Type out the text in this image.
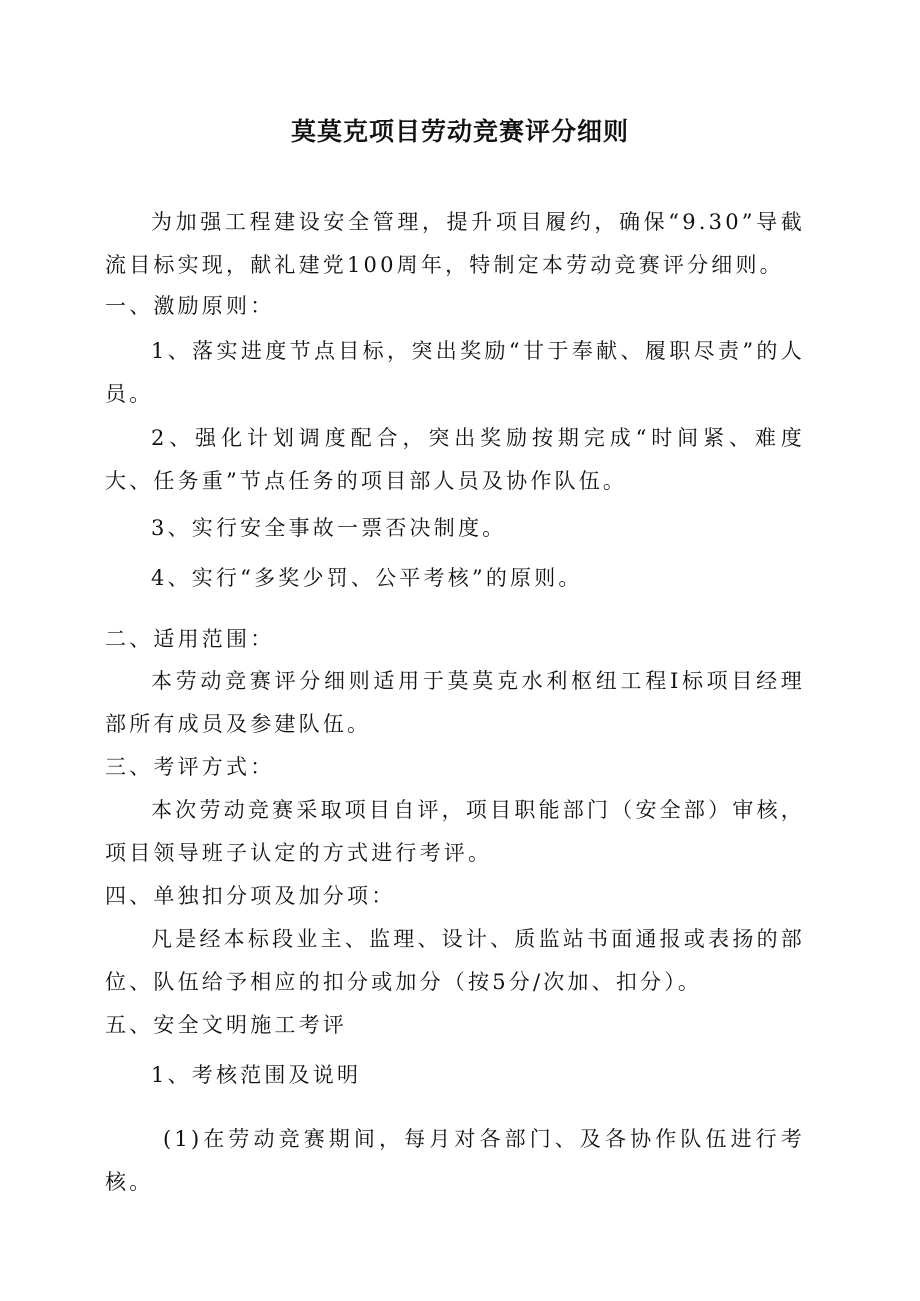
莫莫克项目劳动竞赛评分细则
为加强工程建设安全管理，提升项目履约，确保“9.30”导截流目标实现，献礼建党100周年，特制定本劳动竞赛评分细则。
一、激励原则：
1、落实进度节点目标，突出奖励“甘于奉献、履职尽责”的人员。
2、强化计划调度配合，突出奖励按期完成“时间紧、难度大、任务重”节点任务的项目部人员及协作队伍。
3、实行安全事故一票否决制度。
4、实行“多奖少罚、公平考核”的原则。
二、适用范围：
本劳动竞赛评分细则适用于莫莫克水利枢纽工程I标项目经理部所有成员及参建队伍。
三、考评方式：
本次劳动竞赛采取项目自评，项目职能部门（安全部）审核，项目领导班子认定的方式进行考评。
四、单独扣分项及加分项：
凡是经本标段业主、监理、设计、质监站书面通报或表扬的部位、队伍给予相应的扣分或加分（按5分/次加、扣分）。
五、安全文明施工考评
1、考核范围及说明
(1)在劳动竞赛期间，每月对各部门、及各协作队伍进行考核。
